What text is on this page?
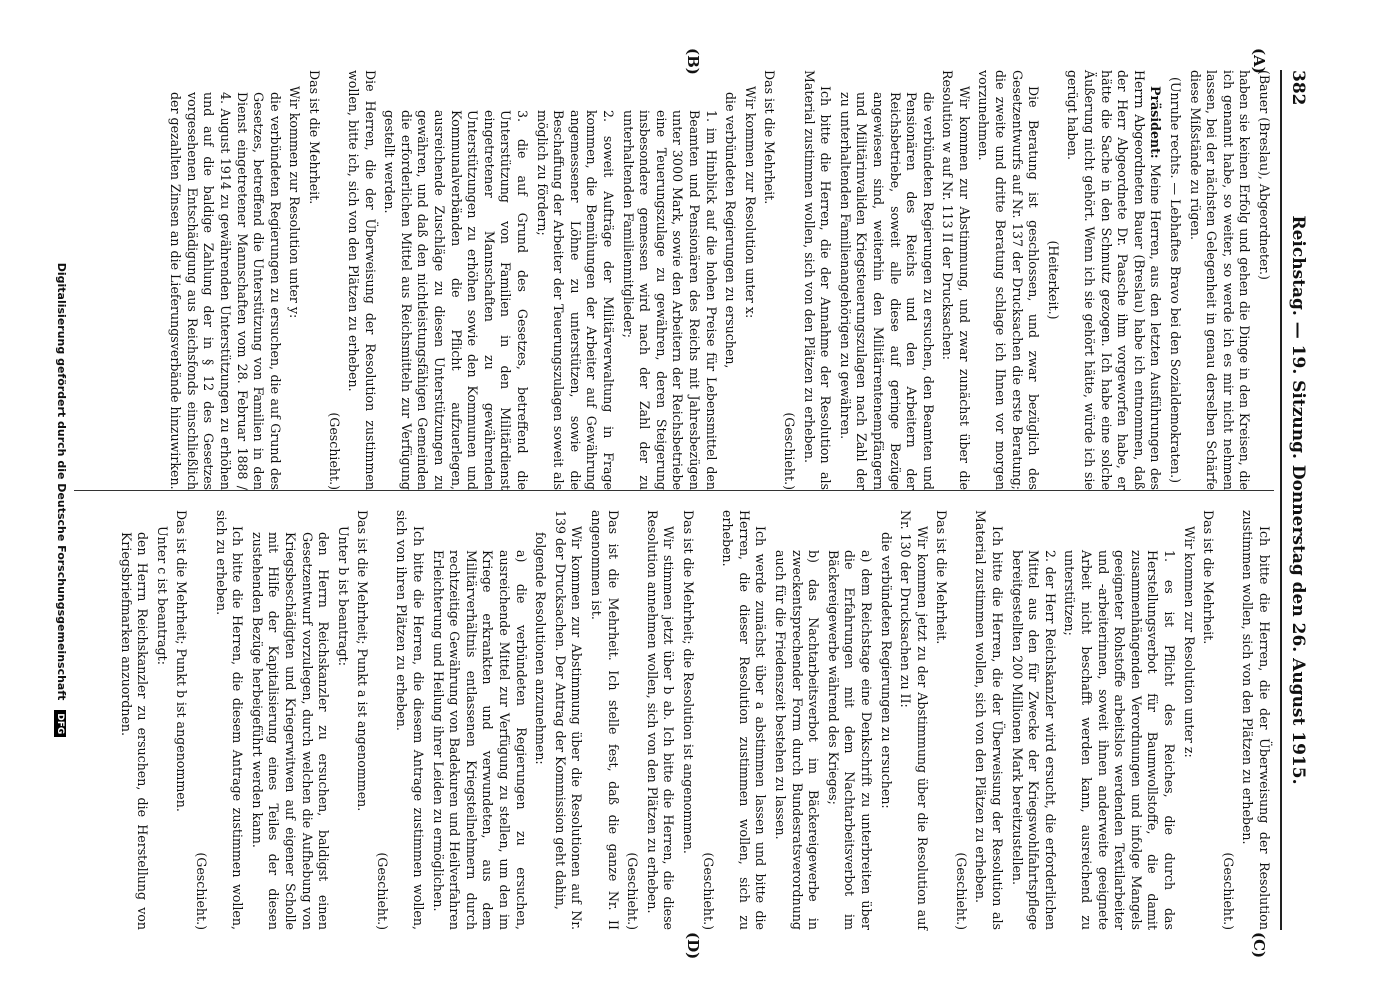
382
Reichstag. — 19. Sitzung. Donnerstag den 26. August 1915.
(A)
(B)
(C)
(D)

(Bauer (Breslau), Abgeordneter.)

haben sie keinen Erfolg und gehen die Dinge in den Kreisen, die ich genannt habe, so weiter, so werde ich es mir nicht nehmen lassen, bei der nächsten Gelegenheit in genau derselben Schärfe diese Mißstände zu rügen.

(Unruhe rechts. — Lebhaftes Bravo bei den Sozialdemokraten.)

Präsident: Meine Herren, aus den letzten Ausführungen des Herrn Abgeordneten Bauer (Breslau) habe ich entnommen, daß der Herr Abgeordnete Dr. Paasche ihm vorgeworfen habe, er hätte die Sache in den Schmutz gezogen. Ich habe eine solche Äußerung nicht gehört. Wenn ich sie gehört hätte, würde ich sie gerügt haben.

(Heiterkeit.)

Die Beratung ist geschlossen, und zwar bezüglich des Gesetzentwurfs auf Nr. 137 der Drucksachen die erste Beratung; die zweite und dritte Beratung schlage ich Ihnen vor morgen vorzunehmen.

Wir kommen zur Abstimmung, und zwar zunächst über die Resolution w auf Nr. 113 II der Drucksachen:

die verbündeten Regierungen zu ersuchen, den Beamten und Pensionären des Reichs und den Arbeitern der Reichsbetriebe, soweit alle diese auf geringe Bezüge angewiesen sind, weiterhin den Militärrentenempfängern und Militärinvaliden Kriegsteuerungszulagen nach Zahl der zu unterhaltenden Familienangehörigen zu gewähren.

Ich bitte die Herren, die der Annahme der Resolution als Material zustimmen wollen, sich von den Plätzen zu erheben.

(Geschieht.)

Das ist die Mehrheit.

Wir kommen zur Resolution unter x:

die verbündeten Regierungen zu ersuchen,

1. im Hinblick auf die hohen Preise für Lebensmittel den Beamten und Pensionären des Reichs mit Jahresbezügen unter 3000 Mark, sowie den Arbeitern der Reichsbetriebe eine Teuerungszulage zu gewähren, deren Steigerung insbesondere gemessen wird nach der Zahl der zu unterhaltenden Familienmitglieder;

2. soweit Aufträge der Militärverwaltung in Frage kommen, die Bemühungen der Arbeiter auf Gewährung angemessener Löhne zu unterstützen, sowie die Beschaffung der Arbeiter der Teuerungszulagen soweit als möglich zu fördern;

3. die auf Grund des Gesetzes, betreffend die Unterstützung von Familien in den Militärdienst eingetretener Mannschaften zu gewährenden Unterstützungen zu erhöhen sowie den Kommunen und Kommunalverbänden die Pflicht aufzuerlegen, ausreichende Zuschläge zu diesen Unterstützungen zu gewähren, und daß den nichtleistungsfähigen Gemeinden die erforderlichen Mittel aus Reichsmitteln zur Verfügung gestellt werden.

Die Herren, die der Überweisung der Resolution zustimmen wollen, bitte ich, sich von den Plätzen zu erheben.

(Geschieht.)

Das ist die Mehrheit.

Wir kommen zur Resolution unter y:

die verbündeten Regierungen zu ersuchen, die auf Grund des Gesetzes, betreffend die Unterstützung von Familien in den Dienst eingetretener Mannschaften vom 28. Februar 1888 / 4. August 1914 zu gewährenden Unterstützungen zu erhöhen und auf die baldige Zahlung der in § 12 des Gesetzes vorgesehenen Entschädigung aus Reichsfonds einschließlich der gezahlten Zinsen an die Lieferungsverbände hinzuwirken.

Ich bitte die Herren, die der Überweisung der Resolution zustimmen wollen, sich von den Plätzen zu erheben.

(Geschieht.)

Das ist die Mehrheit.

Wir kommen zur Resolution unter z:

1. es ist Pflicht des Reiches, die durch das Herstellungsverbot für Baumwollstoffe, die damit zusammenhängenden Verordnungen und infolge Mangels geeigneter Rohstoffe arbeitslos werdenden Textilarbeiter und -arbeiterinnen, soweit ihnen anderweite geeignete Arbeit nicht beschafft werden kann, ausreichend zu unterstützen;

2. der Herr Reichskanzler wird ersucht, die erforderlichen Mittel aus den für Zwecke der Kriegswohlfahrtspflege bereitgestellten 200 Millionen Mark bereitzustellen.

Ich bitte die Herren, die der Überweisung der Resolution als Material zustimmen wollen, sich von den Plätzen zu erheben.

(Geschieht.)

Das ist die Mehrheit.

Wir kommen jetzt zu der Abstimmung über die Resolution auf Nr. 130 der Drucksachen zu II:

die verbündeten Regierungen zu ersuchen:

a) dem Reichstage eine Denkschrift zu unterbreiten über die Erfahrungen mit dem Nachtarbeitsverbot im Bäckereigewerbe während des Krieges;

b) das Nachtarbeitsverbot im Bäckereigewerbe in zweckentsprechender Form durch Bundesratsverordnung auch für die Friedenszeit bestehen zu lassen.

Ich werde zunächst über a abstimmen lassen und bitte die Herren, die dieser Resolution zustimmen wollen, sich zu erheben.

(Geschieht.)

Das ist die Mehrheit; die Resolution ist angenommen.

Wir stimmen jetzt über b ab. Ich bitte die Herren, die diese Resolution annehmen wollen, sich von den Plätzen zu erheben.

(Geschieht.)

Das ist die Mehrheit. Ich stelle fest, daß die ganze Nr. II angenommen ist.

Wir kommen zur Abstimmung über die Resolutionen auf Nr. 139 der Drucksachen. Der Antrag der Kommission geht dahin,

folgende Resolutionen anzunehmen:

a) die verbündeten Regierungen zu ersuchen, ausreichende Mittel zur Verfügung zu stellen, um den im Kriege erkrankten und verwundeten, aus dem Militärverhältnis entlassenen Kriegsteilnehmern durch rechtzeitige Gewährung von Badekuren und Heilverfahren Erleichterung und Heilung ihrer Leiden zu ermöglichen.

Ich bitte die Herren, die diesem Antrage zustimmen wollen, sich von ihren Plätzen zu erheben.

(Geschieht.)

Das ist die Mehrheit; Punkt a ist angenommen.

Unter b ist beantragt:

den Herrn Reichskanzler zu ersuchen, baldigst einen Gesetzentwurf vorzulegen, durch welchen die Aufhebung von Kriegsbeschädigten und Kriegerwitwen auf eigener Scholle mit Hilfe der Kapitalisierung eines Teiles der diesen zustehenden Bezüge herbeigeführt werden kann.

Ich bitte die Herren, die diesem Antrage zustimmen wollen, sich zu erheben.

(Geschieht.)

Das ist die Mehrheit; Punkt b ist angenommen.

Unter c ist beantragt:

den Herrn Reichskanzler zu ersuchen, die Herstellung von Kriegsbriefmarken anzuordnen.

Digitalisierung gefördert durch die Deutsche Forschungsgemeinschaft DFG
